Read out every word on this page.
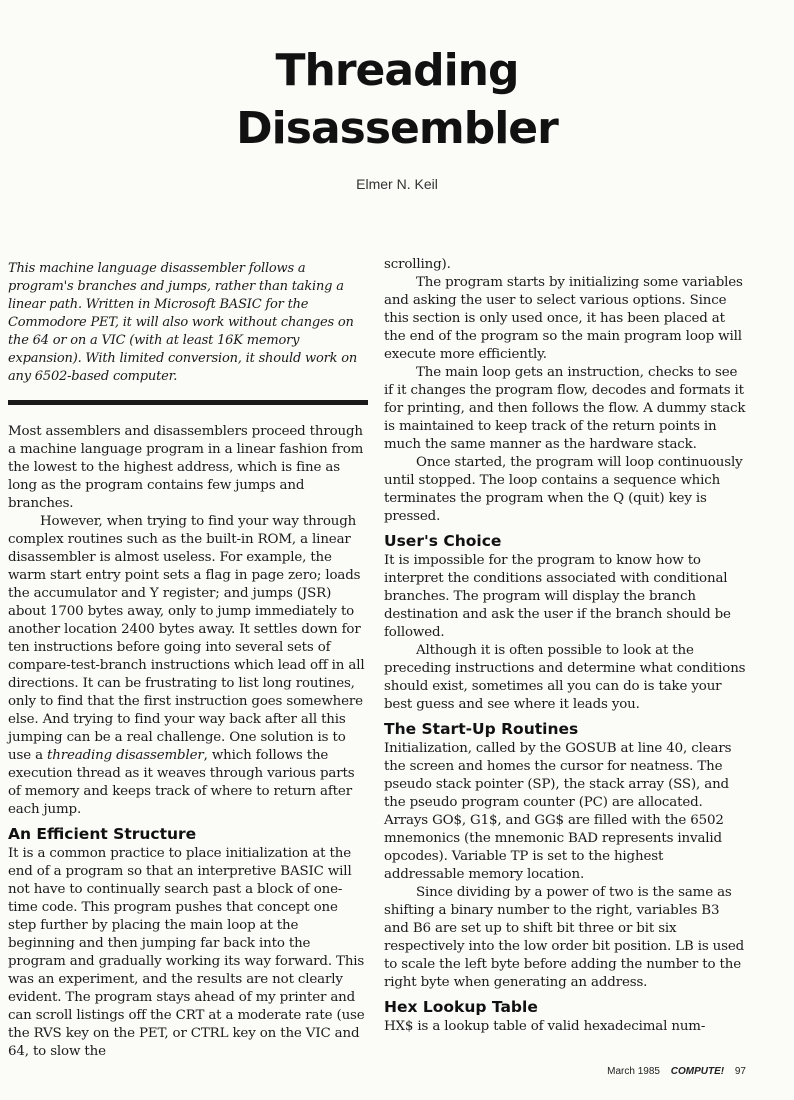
Threading
Disassembler
Elmer N. Keil

This machine language disassembler follows a program's branches and jumps, rather than taking a linear path. Written in Microsoft BASIC for the Commodore PET, it will also work without changes on the 64 or on a VIC (with at least 16K memory expansion). With limited conversion, it should work on any 6502-based computer.

Most assemblers and disassemblers proceed through a machine language program in a linear fashion from the lowest to the highest address, which is fine as long as the program contains few jumps and branches.

However, when trying to find your way through complex routines such as the built-in ROM, a linear disassembler is almost useless. For example, the warm start entry point sets a flag in page zero; loads the accumulator and Y register; and jumps (JSR) about 1700 bytes away, only to jump immediately to another location 2400 bytes away. It settles down for ten instructions before going into several sets of compare-test-branch instructions which lead off in all directions. It can be frustrating to list long routines, only to find that the first instruction goes somewhere else. And trying to find your way back after all this jumping can be a real challenge. One solution is to use a threading disassembler, which follows the execution thread as it weaves through various parts of memory and keeps track of where to return after each jump.

An Efficient Structure

It is a common practice to place initialization at the end of a program so that an interpretive BASIC will not have to continually search past a block of one-time code. This program pushes that concept one step further by placing the main loop at the beginning and then jumping far back into the program and gradually working its way forward. This was an experiment, and the results are not clearly evident. The program stays ahead of my printer and can scroll listings off the CRT at a moderate rate (use the RVS key on the PET, or CTRL key on the VIC and 64, to slow the

scrolling).

The program starts by initializing some variables and asking the user to select various options. Since this section is only used once, it has been placed at the end of the program so the main program loop will execute more efficiently.

The main loop gets an instruction, checks to see if it changes the program flow, decodes and formats it for printing, and then follows the flow. A dummy stack is maintained to keep track of the return points in much the same manner as the hardware stack.

Once started, the program will loop continuously until stopped. The loop contains a sequence which terminates the program when the Q (quit) key is pressed.

User's Choice

It is impossible for the program to know how to interpret the conditions associated with conditional branches. The program will display the branch destination and ask the user if the branch should be followed.

Although it is often possible to look at the preceding instructions and determine what conditions should exist, sometimes all you can do is take your best guess and see where it leads you.

The Start-Up Routines

Initialization, called by the GOSUB at line 40, clears the screen and homes the cursor for neatness. The pseudo stack pointer (SP), the stack array (SS), and the pseudo program counter (PC) are allocated. Arrays GO$, G1$, and GG$ are filled with the 6502 mnemonics (the mnemonic BAD represents invalid opcodes). Variable TP is set to the highest addressable memory location.

Since dividing by a power of two is the same as shifting a binary number to the right, variables B3 and B6 are set up to shift bit three or bit six respectively into the low order bit position. LB is used to scale the left byte before adding the number to the right byte when generating an address.

Hex Lookup Table

HX$ is a lookup table of valid hexadecimal num-

March 1985 COMPUTE! 97
